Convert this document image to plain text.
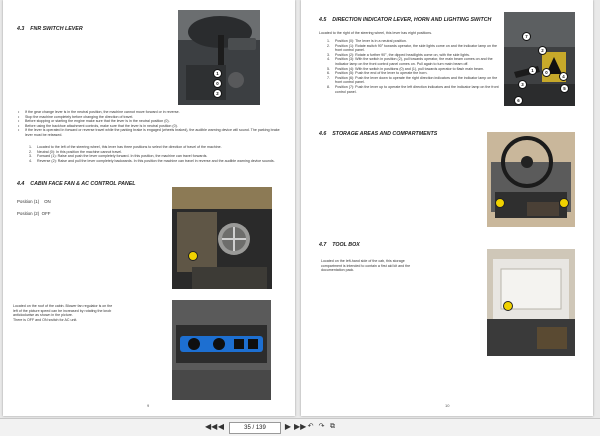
4.3 FNR SWITCH LEVER
1
0
2
• If the gear change lever is in the neutral position, the machine cannot move forward or in reverse.
• Stop the machine completely before changing the direction of travel.
• Before stopping or starting the engine make sure that the lever is in the neutral position (0).
• Before using the backhoe attachment controls, make sure that the lever is in neutral position (0).
• If the lever is operated in forward or reverse travel while the parking brake is engaged (wheels braked), the audible warning device will sound. The parking brake lever must be released.
Located to the left of the steering wheel, this lever has three positions to select the direction of travel of the machine.
Neutral (0): In this position the machine cannot travel.
Forward (1): Raise and push the lever completely forward. In this position, the machine can travel forwards.
Reverse (2): Raise and pull the lever completely backwards. In this position the machine can travel in reverse and the audible warning device sounds.
4.4 CABIN FACE FAN & AC CONTROL PANEL
Position (1) ON
Position (2) OFF

Located on the roof of the cabin. Blower fan regulator is on the

left of the picture speed can be increased by rotating the knob

anticlockwise as shown in the picture.

There is OFF and ON switch for AC unit.

9
4.5 DIRECTION INDICATOR LEVER, HORN AND LIGHTING SWITCH
Located to the right of the steering wheel, this lever has eight positions.
Position (0): The lever is in a neutral position.
Position (1): Rotate switch 90° towards operator, the side lights come on and the indicator lamp on the front control panel.
Position (2): Rotate a further 90°, the dipped headlights come on, with the side lights.
Position (3): With the switch in position (2), pull towards operator, the main beam comes on and the indicator lamp on the front control panel comes on. Pull again to turn main beam off.
Position (4): With the switch in positions (0) and (1), pull towards operator to flash main beam.
Position (5): Push the end of the lever to operate the horn.
Position (6): Push the lever down to operate the right direction indicators and the indicator lamp on the front control panel.
Position (7): Push the lever up to operate the left direction indicators and the indicator lamp on the front control panel.
7
2
1	0
4
3
5
6
4.6 STORAGE AREAS AND COMPARTMENTS
4.7 TOOL BOX

Located on the left-hand side of the cab, this storage

compartment is intended to contain a first aid kit and the

documentation pack.

10
◀◀ ◀	35 / 139	▶ ▶▶ ↶ ↷ ⧉
